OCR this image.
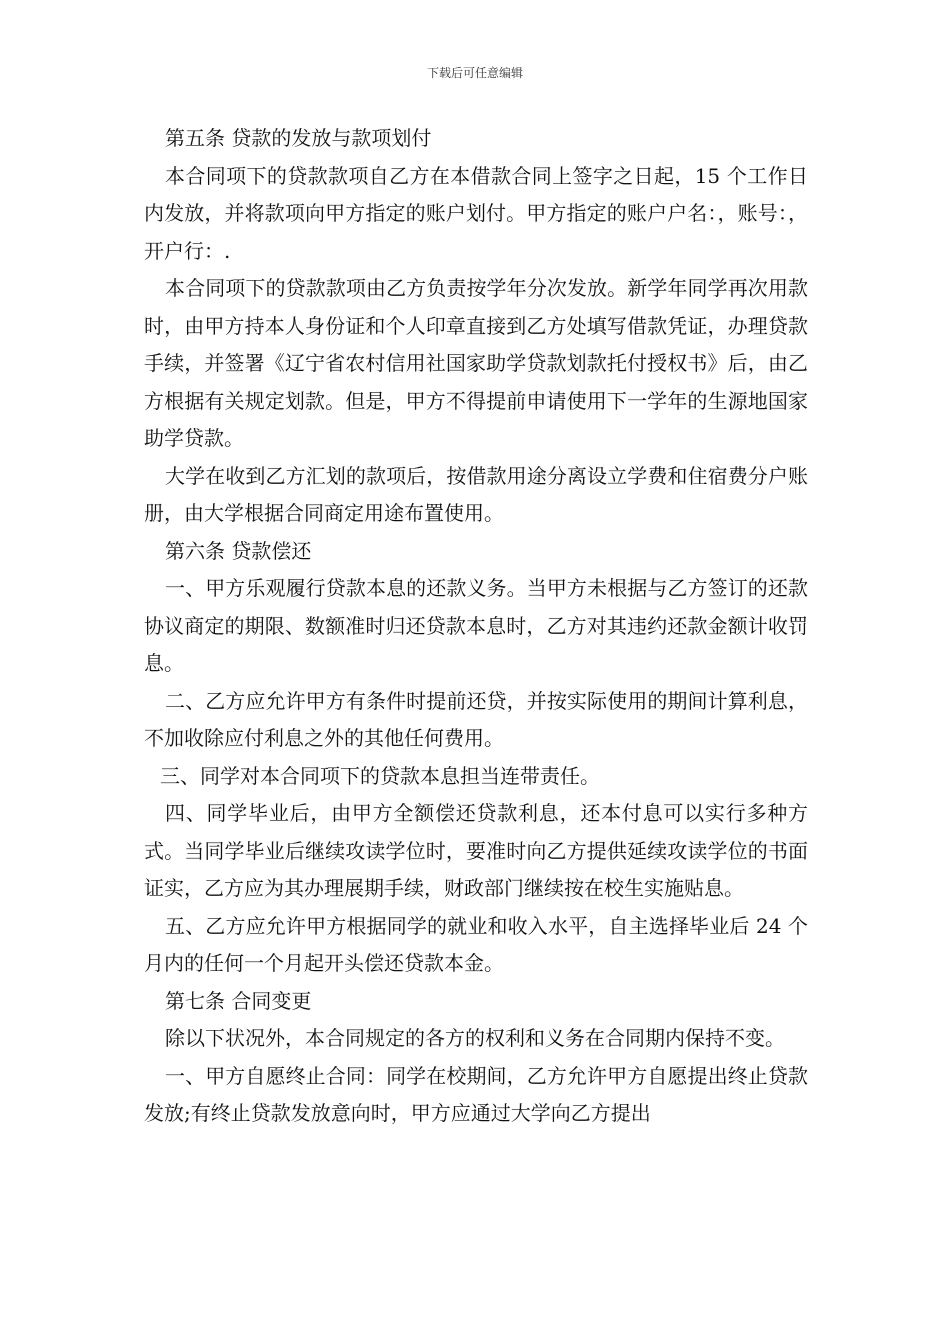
下载后可任意编辑

第五条 贷款的发放与款项划付

本合同项下的贷款款项自乙方在本借款合同上签字之日起，15 个工作日内发放，并将款项向甲方指定的账户划付。甲方指定的账户户名：，账号：，开户行：.

本合同项下的贷款款项由乙方负责按学年分次发放。新学年同学再次用款时，由甲方持本人身份证和个人印章直接到乙方处填写借款凭证，办理贷款手续，并签署《辽宁省农村信用社国家助学贷款划款托付授权书》后，由乙方根据有关规定划款。但是，甲方不得提前申请使用下一学年的生源地国家助学贷款。

大学在收到乙方汇划的款项后，按借款用途分离设立学费和住宿费分户账册，由大学根据合同商定用途布置使用。

第六条 贷款偿还

一、甲方乐观履行贷款本息的还款义务。当甲方未根据与乙方签订的还款协议商定的期限、数额准时归还贷款本息时，乙方对其违约还款金额计收罚息。

二、乙方应允许甲方有条件时提前还贷，并按实际使用的期间计算利息，不加收除应付利息之外的其他任何费用。

三、同学对本合同项下的贷款本息担当连带责任。

四、同学毕业后，由甲方全额偿还贷款利息，还本付息可以实行多种方式。当同学毕业后继续攻读学位时，要准时向乙方提供延续攻读学位的书面证实，乙方应为其办理展期手续，财政部门继续按在校生实施贴息。

五、乙方应允许甲方根据同学的就业和收入水平，自主选择毕业后 24 个月内的任何一个月起开头偿还贷款本金。

第七条 合同变更

除以下状况外，本合同规定的各方的权利和义务在合同期内保持不变。

一、甲方自愿终止合同：同学在校期间，乙方允许甲方自愿提出终止贷款发放;有终止贷款发放意向时，甲方应通过大学向乙方提出
